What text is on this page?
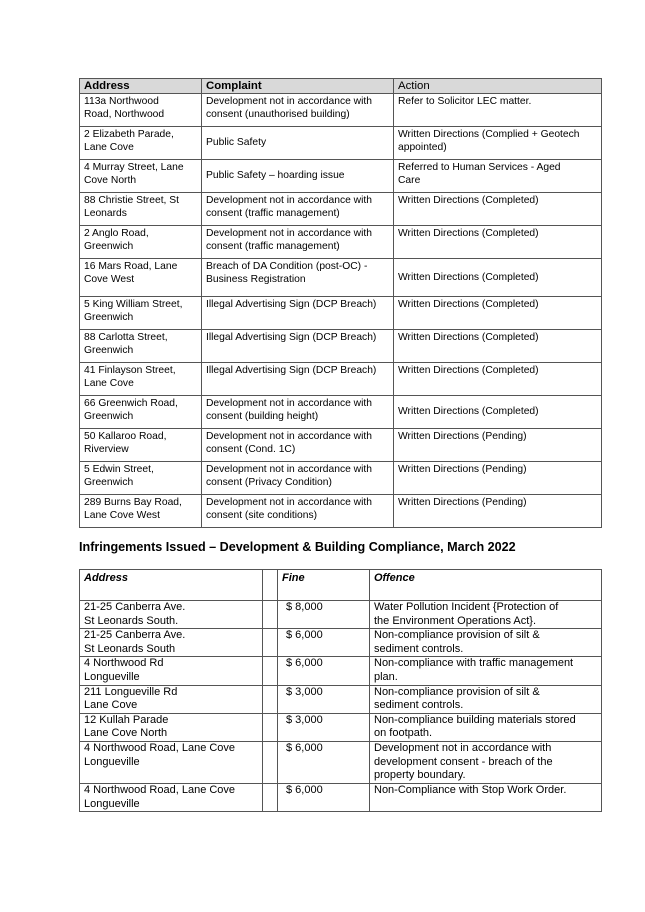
Address	Complaint	Action

113a Northwood
Road, Northwood	Development not in accordance with
consent (unauthorised building)	Refer to Solicitor LEC matter.

2 Elizabeth Parade,
Lane Cove	Public Safety	Written Directions (Complied + Geotech
appointed)

4 Murray Street, Lane
Cove North	Public Safety – hoarding issue	Referred to Human Services - Aged
Care

88 Christie Street, St
Leonards	Development not in accordance with
consent (traffic management)	Written Directions (Completed)

2 Anglo Road,
Greenwich	Development not in accordance with
consent (traffic management)	Written Directions (Completed)

16 Mars Road, Lane
Cove West	Breach of DA Condition (post-OC) -
Business Registration	Written Directions (Completed)

5 King William Street,
Greenwich	Illegal Advertising Sign (DCP Breach)	Written Directions (Completed)

88 Carlotta Street,
Greenwich	Illegal Advertising Sign (DCP Breach)	Written Directions (Completed)

41 Finlayson Street,
Lane Cove	Illegal Advertising Sign (DCP Breach)	Written Directions (Completed)

66 Greenwich Road,
Greenwich	Development not in accordance with
consent (building height)	Written Directions (Completed)

50 Kallaroo Road,
Riverview	Development not in accordance with
consent (Cond. 1C)	Written Directions (Pending)

5 Edwin Street,
Greenwich	Development not in accordance with
consent (Privacy Condition)	Written Directions (Pending)

289 Burns Bay Road,
Lane Cove West	Development not in accordance with
consent (site conditions)	Written Directions (Pending)
Infringements Issued – Development & Building Compliance, March 2022
Address		Fine	Offence

21-25 Canberra Ave.
St Leonards South.		$ 8,000	Water Pollution Incident {Protection of
the Environment Operations Act}.

21-25 Canberra Ave.
St Leonards South		$ 6,000	Non-compliance provision of silt &
sediment controls.

4 Northwood Rd
Longueville		$ 6,000	Non-compliance with traffic management
plan.

211 Longueville Rd
Lane Cove		$ 3,000	Non-compliance provision of silt &
sediment controls.

12 Kullah Parade
Lane Cove North		$ 3,000	Non-compliance building materials stored
on footpath.

4 Northwood Road, Lane Cove
Longueville		$ 6,000	Development not in accordance with
development consent - breach of the
property boundary.

4 Northwood Road, Lane Cove
Longueville		$ 6,000	Non-Compliance with Stop Work Order.
